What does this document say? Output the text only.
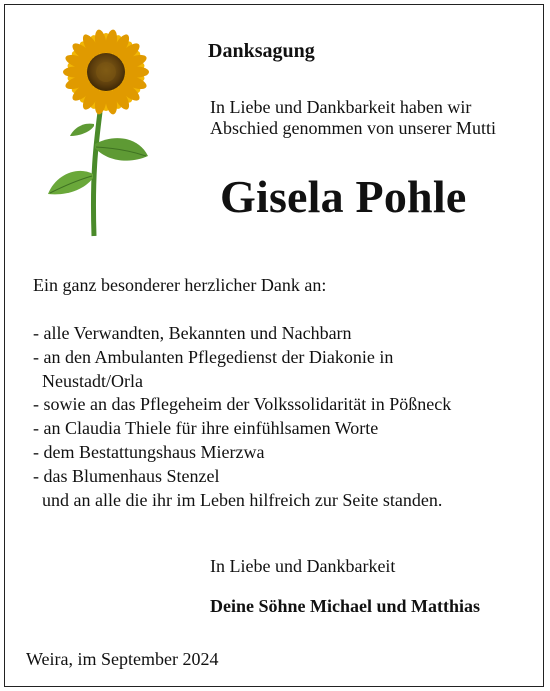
Danksagung
In Liebe und Dankbarkeit haben wir
Abschied genommen von unserer Mutti
Gisela Pohle
Ein ganz besonderer herzlicher Dank an:
- alle Verwandten, Bekannten und Nachbarn
- an den Ambulanten Pflegedienst der Diakonie in
Neustadt/Orla
- sowie an das Pflegeheim der Volkssolidarität in Pößneck
- an Claudia Thiele für ihre einfühlsamen Worte
- dem Bestattungshaus Mierzwa
- das Blumenhaus Stenzel
und an alle die ihr im Leben hilfreich zur Seite standen.
In Liebe und Dankbarkeit
Deine Söhne Michael und Matthias
Weira, im September 2024
